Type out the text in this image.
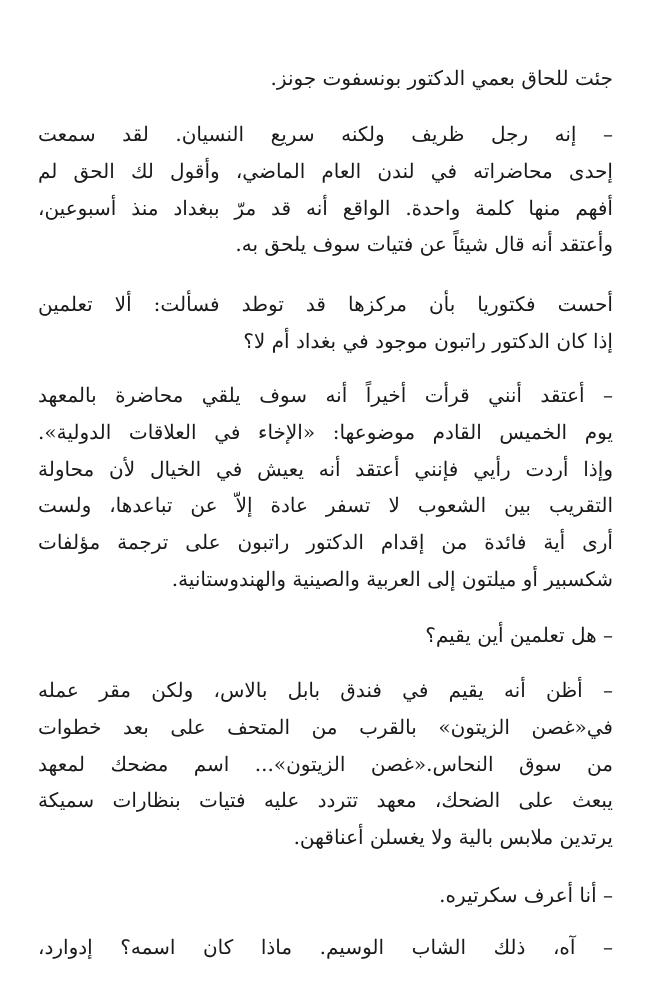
جئت للحاق بعمي الدكتور بونسفوت جونز.
– إنه رجل ظريف ولكنه سريع النسيان. لقد سمعت
إحدى محاضراته في لندن العام الماضي، وأقول لك الحق لم
أفهم منها كلمة واحدة. الواقع أنه قد مرّ ببغداد منذ أسبوعين،
وأعتقد أنه قال شيئاً عن فتيات سوف يلحق به.
أحست فكتوريا بأن مركزها قد توطد فسألت: ألا تعلمين
إذا كان الدكتور راتبون موجود في بغداد أم لا؟
– أعتقد أنني قرأت أخيراً أنه سوف يلقي محاضرة بالمعهد
يوم الخميس القادم موضوعها: «الإخاء في العلاقات الدولية».
وإذا أردت رأيي فإنني أعتقد أنه يعيش في الخيال لأن محاولة
التقريب بين الشعوب لا تسفر عادة إلاّ عن تباعدها، ولست
أرى أية فائدة من إقدام الدكتور راتبون على ترجمة مؤلفات
شكسبير أو ميلتون إلى العربية والصينية والهندوستانية.
– هل تعلمين أين يقيم؟
– أظن أنه يقيم في فندق بابل بالاس، ولكن مقر عمله
في«غصن الزيتون» بالقرب من المتحف على بعد خطوات
من سوق النحاس.«غصن الزيتون»... اسم مضحك لمعهد
يبعث على الضحك، معهد تتردد عليه فتيات بنظارات سميكة
يرتدين ملابس بالية ولا يغسلن أعناقهن.
– أنا أعرف سكرتيره.
– آه، ذلك الشاب الوسيم. ماذا كان اسمه؟ إدوارد،
